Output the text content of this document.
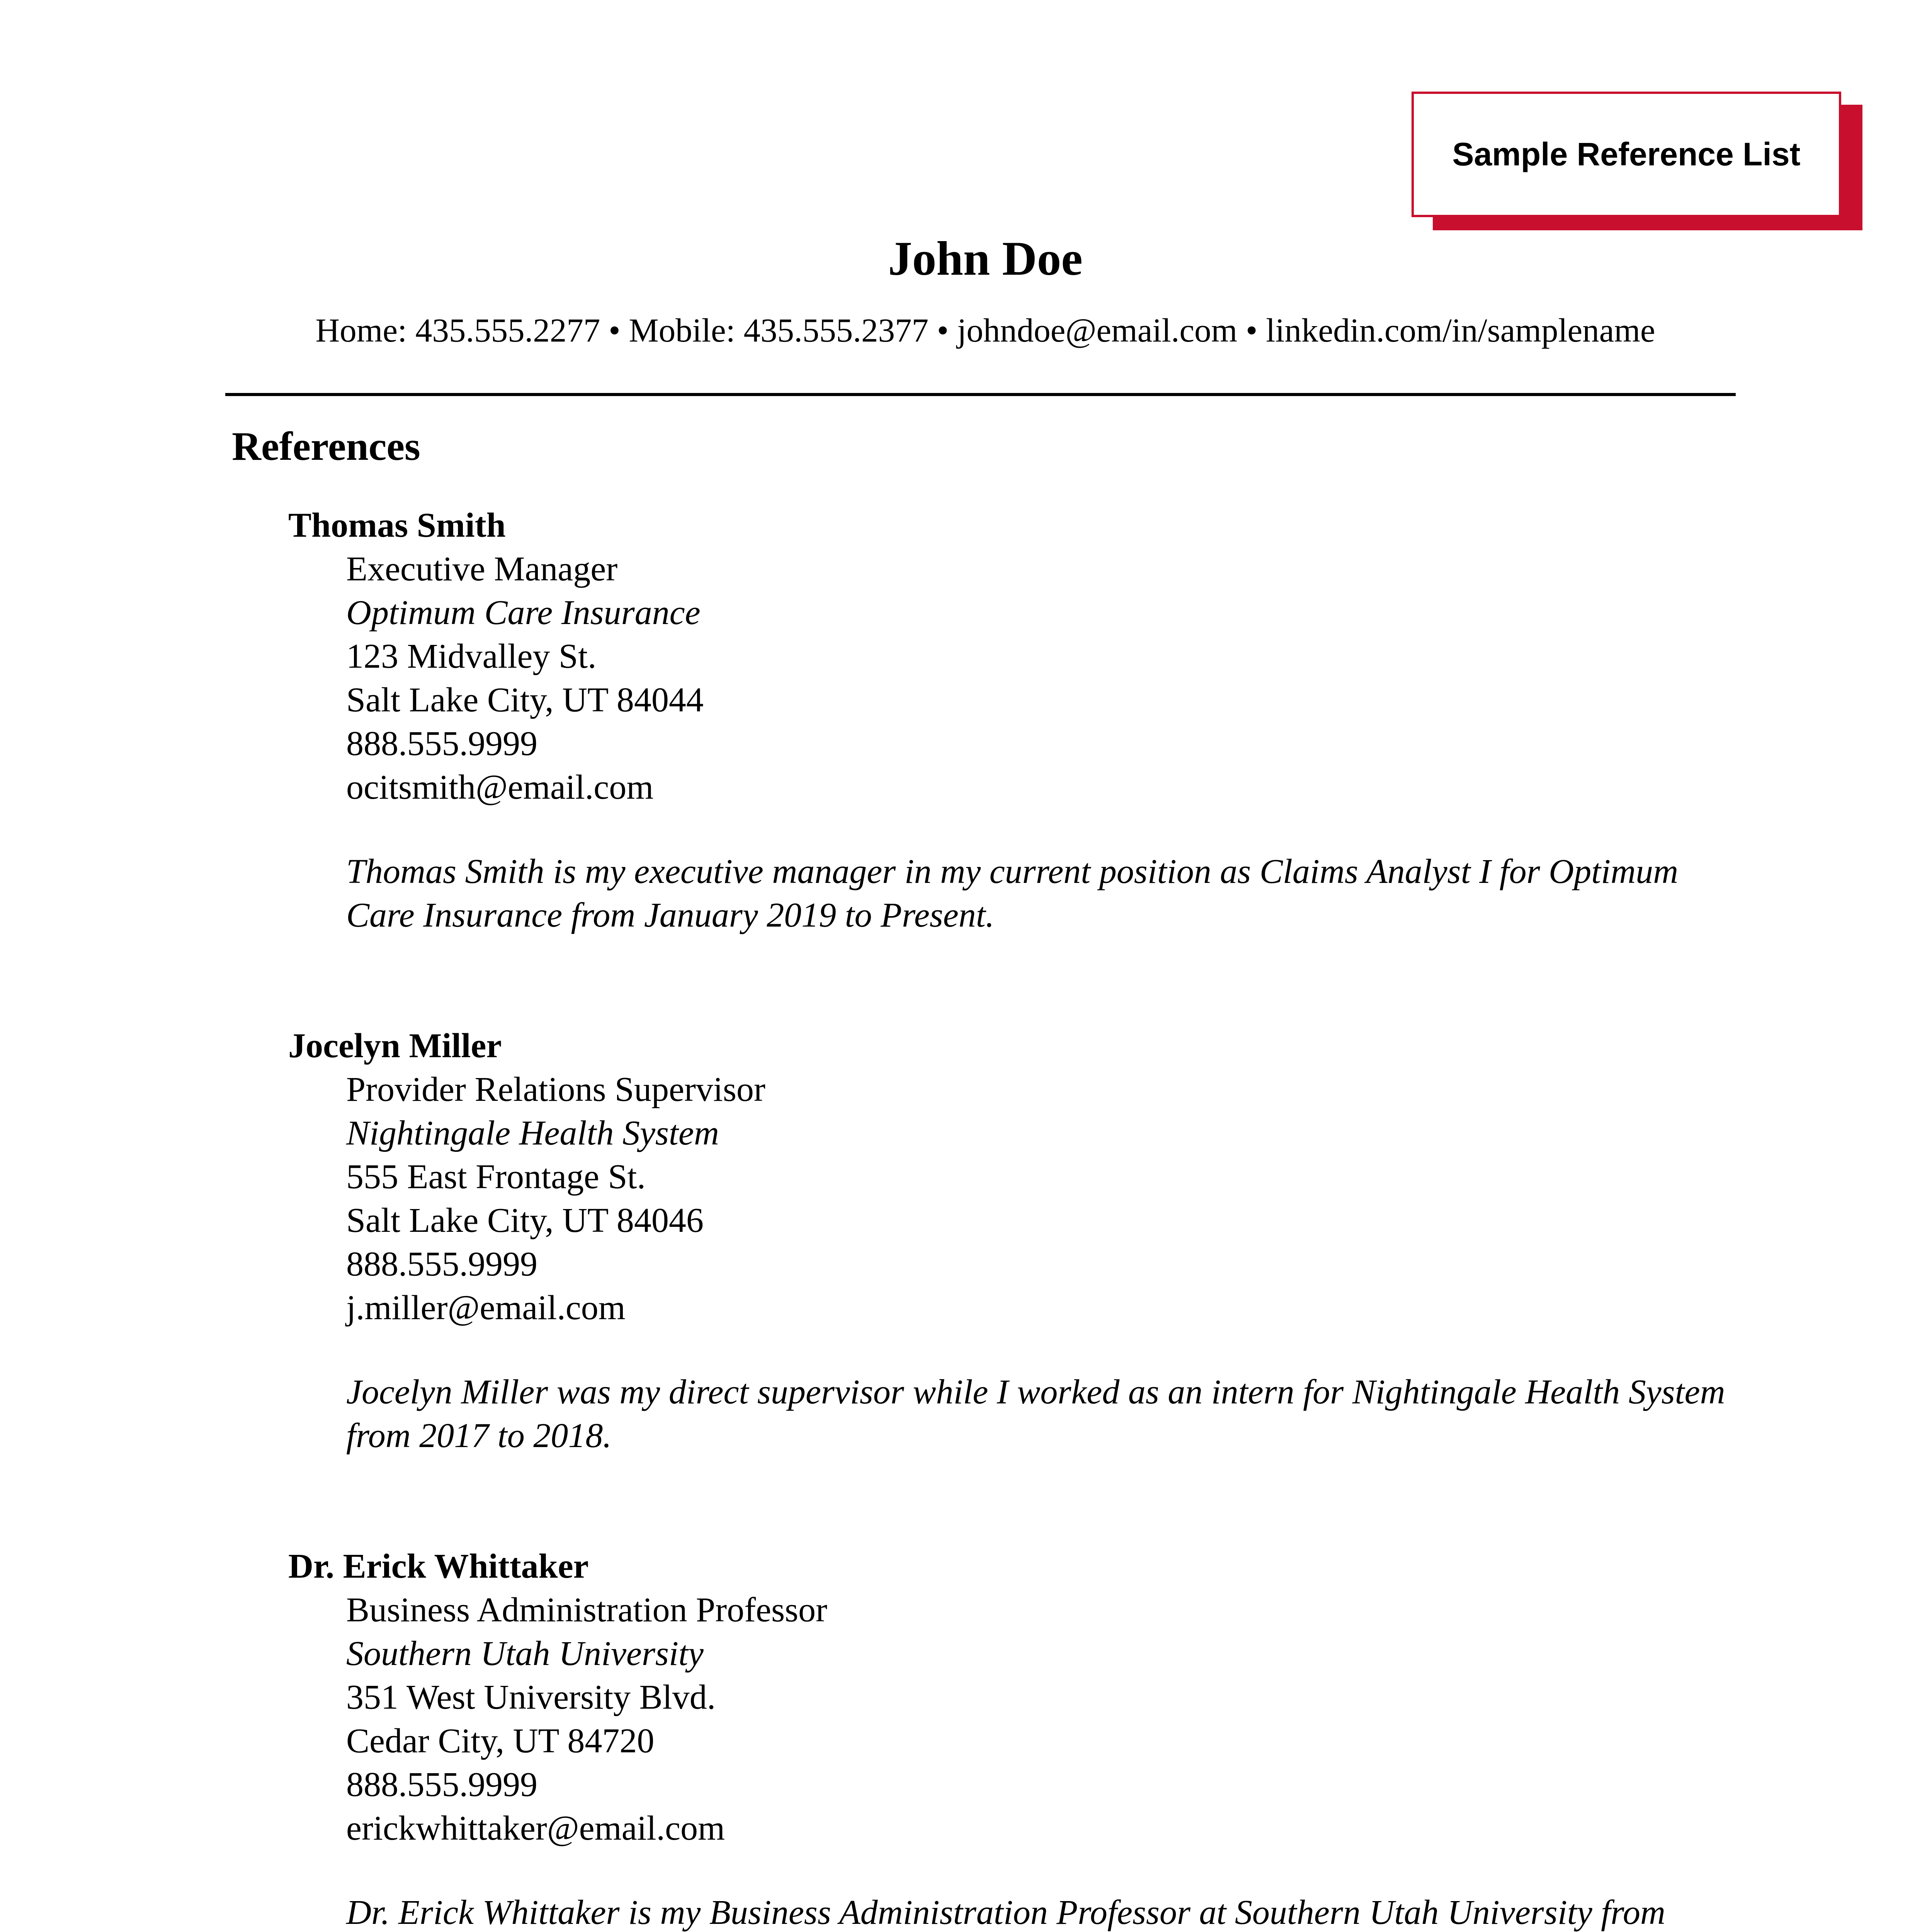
Sample Reference List
John Doe
Home: 435.555.2277 • Mobile: 435.555.2377 • johndoe@email.com • linkedin.com/in/samplename
References
Thomas Smith
Executive Manager
Optimum Care Insurance
123 Midvalley St.
Salt Lake City, UT 84044
888.555.9999
ocitsmith@email.com
Thomas Smith is my executive manager in my current position as Claims Analyst I for Optimum Care Insurance from January 2019 to Present.
Jocelyn Miller
Provider Relations Supervisor
Nightingale Health System
555 East Frontage St.
Salt Lake City, UT 84046
888.555.9999
j.miller@email.com
Jocelyn Miller was my direct supervisor while I worked as an intern for Nightingale Health System from 2017 to 2018.
Dr. Erick Whittaker
Business Administration Professor
Southern Utah University
351 West University Blvd.
Cedar City, UT 84720
888.555.9999
erickwhittaker@email.com
Dr. Erick Whittaker is my Business Administration Professor at Southern Utah University from
